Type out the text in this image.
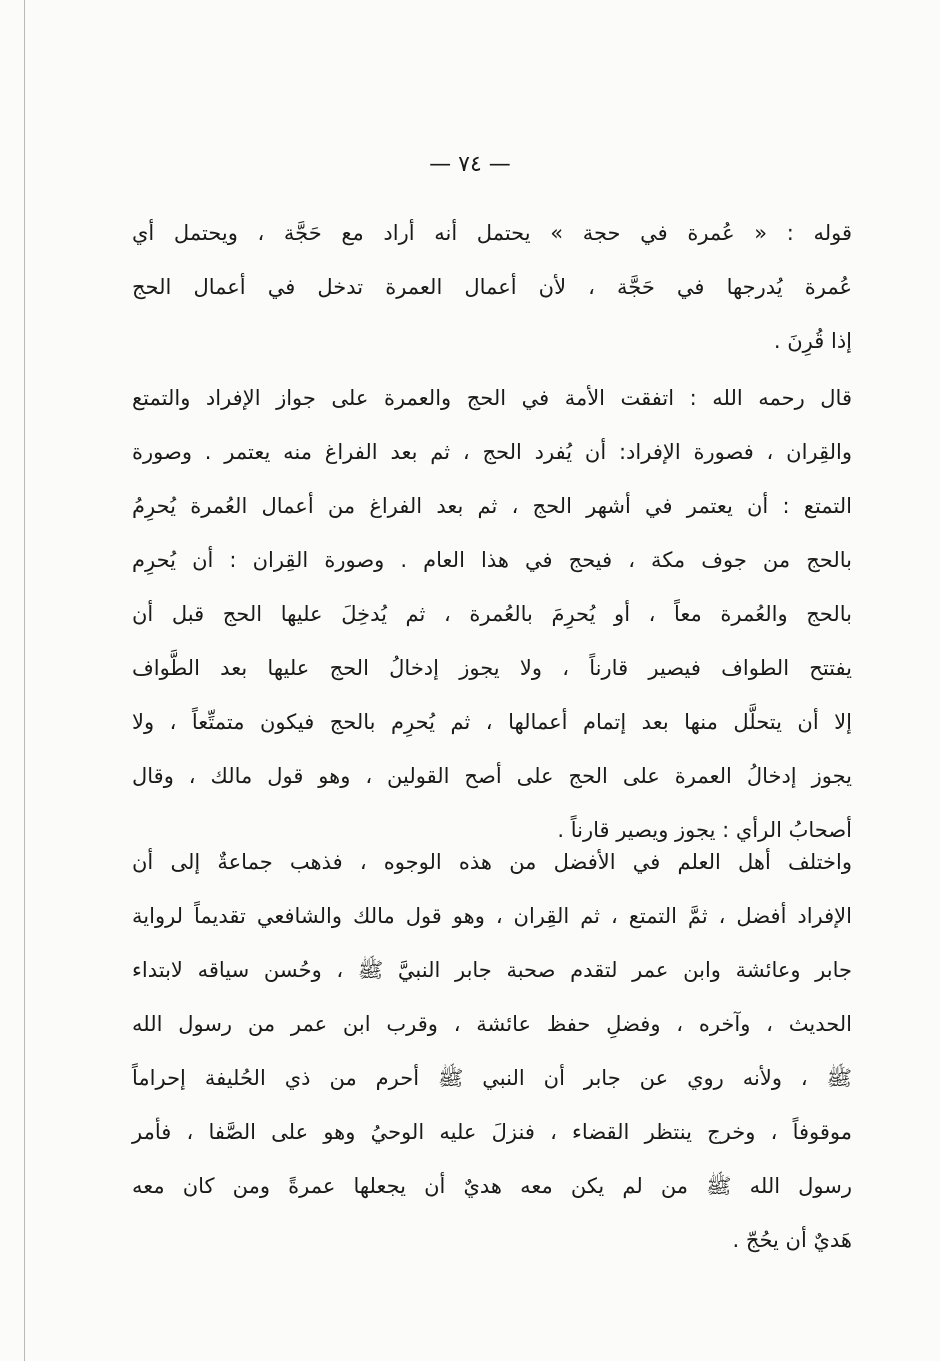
— ٧٤ —
قوله : « عُمرة في حجة » يحتمل أنه أراد مع حَجَّة ، ويحتمل أي
عُمرة يُدرجها في حَجَّة ، لأن أعمال العمرة تدخل في أعمال الحج
إذا قُرِنَ .
قال رحمه الله : اتفقت الأمة في الحج والعمرة على جواز الإفراد والتمتع
والقِران ، فصورة الإفراد: أن يُفرد الحج ، ثم بعد الفراغ منه يعتمر . وصورة
التمتع : أن يعتمر في أشهر الحج ، ثم بعد الفراغ من أعمال العُمرة يُحرِمُ
بالحج من جوف مكة ، فيحج في هذا العام . وصورة القِران : أن يُحرِم
بالحج والعُمرة معاً ، أو يُحرِمَ بالعُمرة ، ثم يُدخِلَ عليها الحج قبل أن
يفتتح الطواف فيصير قارناً ، ولا يجوز إدخالُ الحج عليها بعد الطَّواف
إلا أن يتحلَّل منها بعد إتمام أعمالها ، ثم يُحرِم بالحج فيكون متمتِّعاً ، ولا
يجوز إدخالُ العمرة على الحج على أصح القولين ، وهو قول مالك ، وقال
أصحابُ الرأي : يجوز ويصير قارناً .
واختلف أهل العلم في الأفضل من هذه الوجوه ، فذهب جماعةٌ إلى أن
الإفراد أفضل ، ثمَّ التمتع ، ثم القِران ، وهو قول مالك والشافعي تقديماً لرواية
جابر وعائشة وابن عمر لتقدم صحبة جابر النبيَّ ﷺ ، وحُسن سياقه لابتداء
الحديث ، وآخره ، وفضلِ حفظ عائشة ، وقرب ابن عمر من رسول الله
ﷺ ، ولأنه روي عن جابر أن النبي ﷺ أحرم من ذي الحُليفة إحراماً
موقوفاً ، وخرج ينتظر القضاء ، فنزلَ عليه الوحيُ وهو على الصَّفا ، فأمر
رسول الله ﷺ من لم يكن معه هديٌ أن يجعلها عمرةً ومن كان معه
هَديٌ أن يحُجّ .
